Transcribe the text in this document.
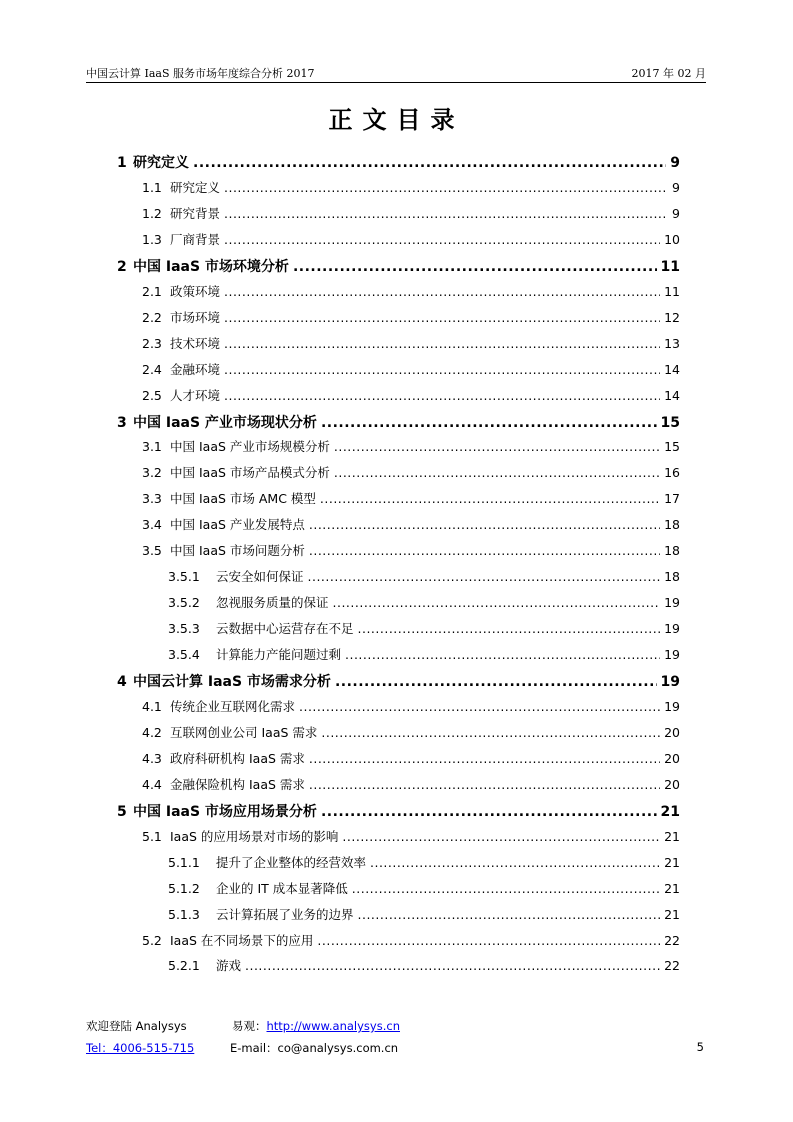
中国云计算 IaaS 服务市场年度综合分析 2017	2017 年 02 月
正文目录
1 研究定义 .....	9
1.1 研究定义 .....	9
1.2 研究背景 .....	9
1.3 厂商背景 .....	10
2 中国 IaaS 市场环境分析 .....	11
2.1 政策环境 .....	11
2.2 市场环境 .....	12
2.3 技术环境 .....	13
2.4 金融环境 .....	14
2.5 人才环境 .....	14
3 中国 IaaS 产业市场现状分析 .....	15
3.1 中国 IaaS 产业市场规模分析 .....	15
3.2 中国 IaaS 市场产品模式分析 .....	16
3.3 中国 IaaS 市场 AMC 模型 .....	17
3.4 中国 IaaS 产业发展特点 .....	18
3.5 中国 IaaS 市场问题分析 .....	18
3.5.1	云安全如何保证 .....	18
3.5.2	忽视服务质量的保证 .....	19
3.5.3	云数据中心运营存在不足 .....	19
3.5.4	计算能力产能问题过剩 .....	19
4 中国云计算 IaaS 市场需求分析 .....	19
4.1 传统企业互联网化需求 .....	19
4.2 互联网创业公司 IaaS 需求 .....	20
4.3 政府科研机构 IaaS 需求 .....	20
4.4 金融保险机构 IaaS 需求 .....	20
5 中国 IaaS 市场应用场景分析 .....	21
5.1 IaaS 的应用场景对市场的影响 .....	21
5.1.1	提升了企业整体的经营效率 .....	21
5.1.2	企业的 IT 成本显著降低 .....	21
5.1.3	云计算拓展了业务的边界 .....	21
5.2 IaaS 在不同场景下的应用 .....	22
5.2.1	游戏 .....	22
欢迎登陆 Analysys	易观：http://www.analysys.cn
Tel：4006-515-715	E-mail：co@analysys.com.cn	5
